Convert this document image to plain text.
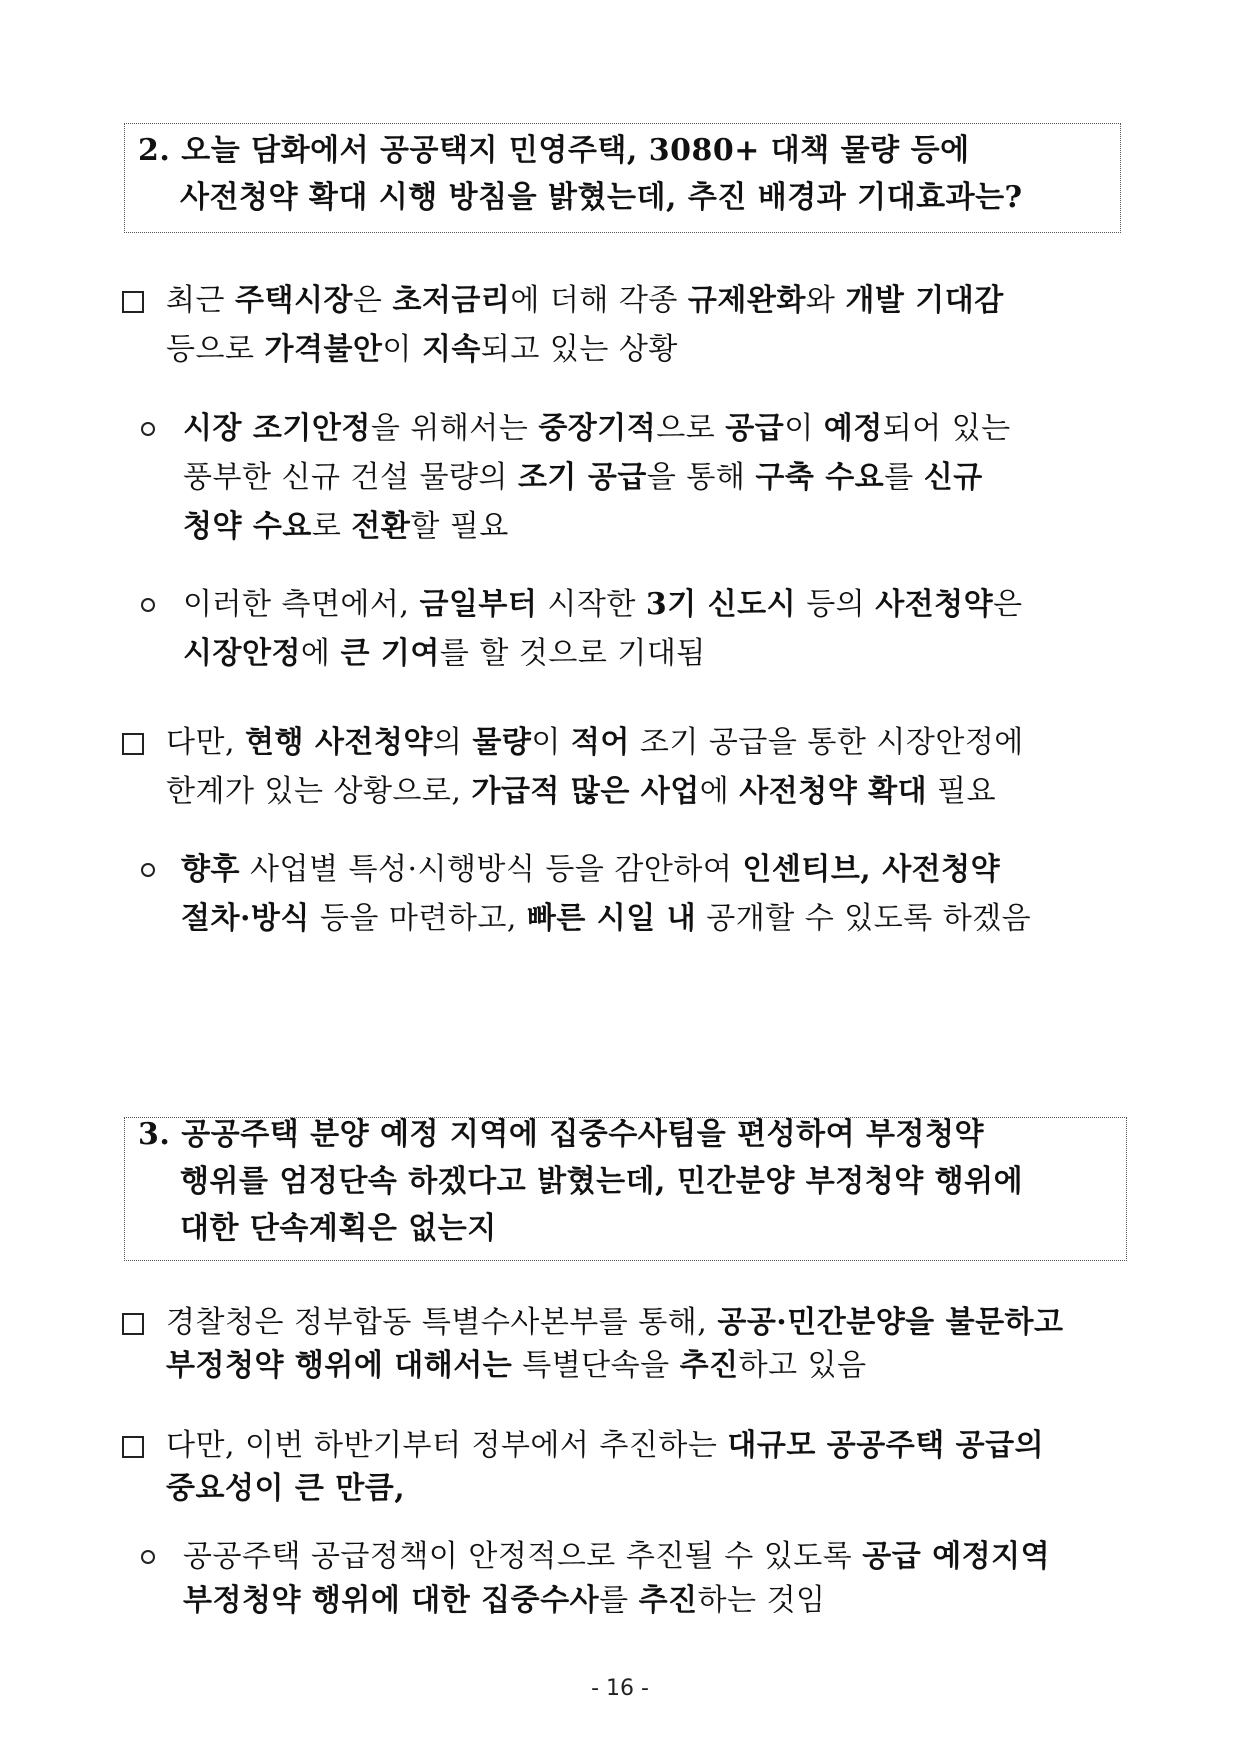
2. 오늘 담화에서 공공택지 민영주택, 3080+ 대책 물량 등에
사전청약 확대 시행 방침을 밝혔는데, 추진 배경과 기대효과는?
최근 주택시장은 초저금리에 더해 각종 규제완화와 개발 기대감
등으로 가격불안이 지속되고 있는 상황
시장 조기안정을 위해서는 중장기적으로 공급이 예정되어 있는
풍부한 신규 건설 물량의 조기 공급을 통해 구축 수요를 신규
청약 수요로 전환할 필요
이러한 측면에서, 금일부터 시작한 3기 신도시 등의 사전청약은
시장안정에 큰 기여를 할 것으로 기대됨
다만, 현행 사전청약의 물량이 적어 조기 공급을 통한 시장안정에
한계가 있는 상황으로, 가급적 많은 사업에 사전청약 확대 필요
향후 사업별 특성·시행방식 등을 감안하여 인센티브, 사전청약
절차·방식 등을 마련하고, 빠른 시일 내 공개할 수 있도록 하겠음
3. 공공주택 분양 예정 지역에 집중수사팀을 편성하여 부정청약
행위를 엄정단속 하겠다고 밝혔는데, 민간분양 부정청약 행위에
대한 단속계획은 없는지
경찰청은 정부합동 특별수사본부를 통해, 공공·민간분양을 불문하고
부정청약 행위에 대해서는 특별단속을 추진하고 있음
다만, 이번 하반기부터 정부에서 추진하는 대규모 공공주택 공급의
중요성이 큰 만큼,
공공주택 공급정책이 안정적으로 추진될 수 있도록 공급 예정지역
부정청약 행위에 대한 집중수사를 추진하는 것임
- 16 -
